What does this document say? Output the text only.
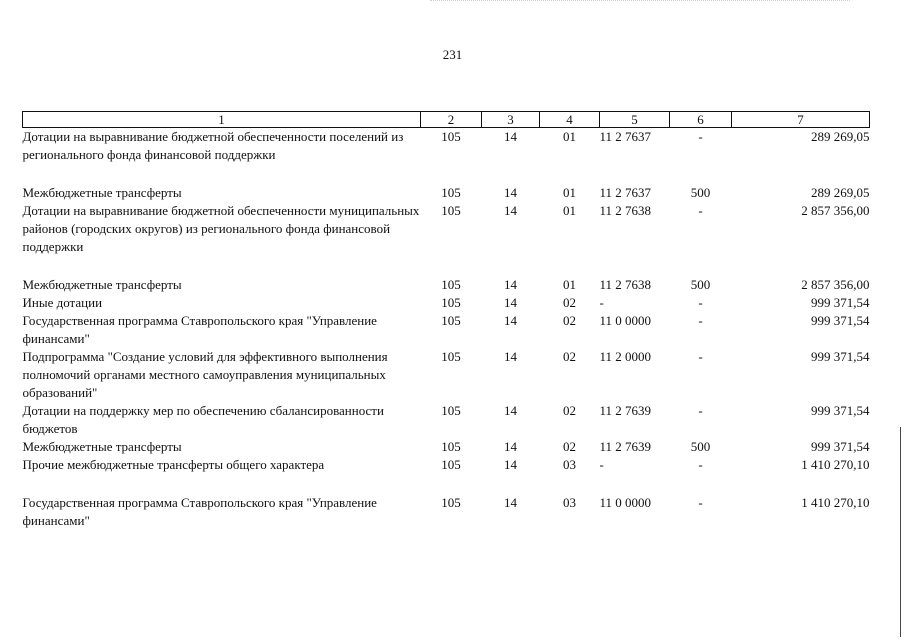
231
1	2	3	4	5	6	7
Дотации на выравнивание бюджетной обеспеченности поселений из регионального фонда финансовой поддержки	105	14	01	11 2 7637	-	289 269,05
Межбюджетные трансферты	105	14	01	11 2 7637	500	289 269,05
Дотации на выравнивание бюджетной обеспеченности муниципальных районов (городских округов) из регионального фонда финансовой поддержки	105	14	01	11 2 7638	-	2 857 356,00
Межбюджетные трансферты	105	14	01	11 2 7638	500	2 857 356,00
Иные дотации	105	14	02	-	-	999 371,54
Государственная программа Ставропольского края "Управление финансами"	105	14	02	11 0 0000	-	999 371,54
Подпрограмма "Создание условий для эффективного выполнения полномочий органами местного самоуправления муниципальных образований"	105	14	02	11 2 0000	-	999 371,54
Дотации на поддержку мер по обеспечению сбалансированности бюджетов	105	14	02	11 2 7639	-	999 371,54
Межбюджетные трансферты	105	14	02	11 2 7639	500	999 371,54
Прочие межбюджетные трансферты общего характера	105	14	03	-	-	1 410 270,10
Государственная программа Ставропольского края "Управление финансами"	105	14	03	11 0 0000	-	1 410 270,10
